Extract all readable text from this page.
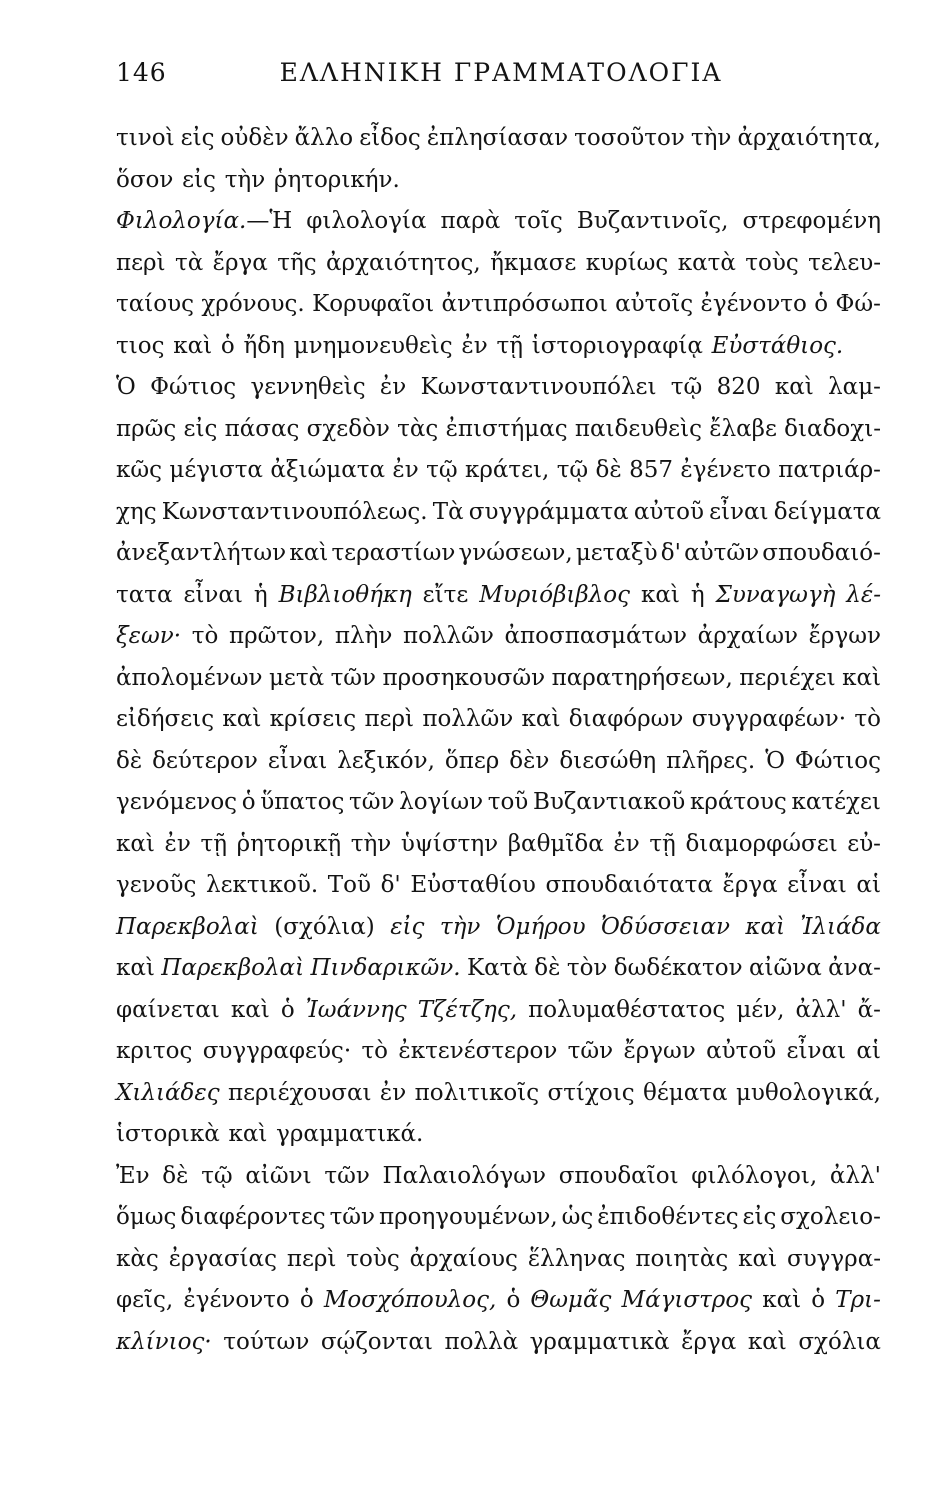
146	ΕΛΛΗΝΙΚΗ ΓΡΑΜΜΑΤΟΛΟΓΙΑ
τινοὶ εἰς οὐδὲν ἄλλο εἶδος ἐπλησίασαν τοσοῦτον τὴν ἀρχαιότητα,
ὅσον εἰς τὴν ῥητορικήν.
Φιλολογία.—Ἡ φιλολογία παρὰ τοῖς Βυζαντινοῖς, στρεφομένη
περὶ τὰ ἔργα τῆς ἀρχαιότητος, ἤκμασε κυρίως κατὰ τοὺς τελευ-
ταίους χρόνους. Κορυφαῖοι ἀντιπρόσωποι αὐτοῖς ἐγένοντο ὁ Φώ-
τιος καὶ ὁ ἤδη μνημονευθεὶς ἐν τῇ ἱστοριογραφίᾳ Εὐστάθιος.
Ὁ Φώτιος γεννηθεὶς ἐν Κωνσταντινουπόλει τῷ 820 καὶ λαμ-
πρῶς εἰς πάσας σχεδὸν τὰς ἐπιστήμας παιδευθεὶς ἔλαβε διαδοχι-
κῶς μέγιστα ἀξιώματα ἐν τῷ κράτει, τῷ δὲ 857 ἐγένετο πατριάρ-
χης Κωνσταντινουπόλεως. Τὰ συγγράμματα αὐτοῦ εἶναι δείγματα
ἀνεξαντλήτων καὶ τεραστίων γνώσεων, μεταξὺ δ' αὐτῶν σπουδαιό-
τατα εἶναι ἡ Βιβλιοθήκη εἴτε Μυριόβιβλος καὶ ἡ Συναγωγὴ λέ-
ξεων· τὸ πρῶτον, πλὴν πολλῶν ἀποσπασμάτων ἀρχαίων ἔργων
ἀπολομένων μετὰ τῶν προσηκουσῶν παρατηρήσεων, περιέχει καὶ
εἰδήσεις καὶ κρίσεις περὶ πολλῶν καὶ διαφόρων συγγραφέων· τὸ
δὲ δεύτερον εἶναι λεξικόν, ὅπερ δὲν διεσώθη πλῆρες. Ὁ Φώτιος
γενόμενος ὁ ὕπατος τῶν λογίων τοῦ Βυζαντιακοῦ κράτους κατέχει
καὶ ἐν τῇ ῥητορικῇ τὴν ὑψίστην βαθμῖδα ἐν τῇ διαμορφώσει εὐ-
γενοῦς λεκτικοῦ. Τοῦ δ' Εὐσταθίου σπουδαιότατα ἔργα εἶναι αἱ
Παρεκβολαὶ (σχόλια) εἰς τὴν Ὁμήρου Ὀδύσσειαν καὶ Ἰλιάδα
καὶ Παρεκβολαὶ Πινδαρικῶν. Κατὰ δὲ τὸν δωδέκατον αἰῶνα ἀνα-
φαίνεται καὶ ὁ Ἰωάννης Τζέτζης, πολυμαθέστατος μέν, ἀλλ' ἄ-
κριτος συγγραφεύς· τὸ ἐκτενέστερον τῶν ἔργων αὐτοῦ εἶναι αἱ
Χιλιάδες περιέχουσαι ἐν πολιτικοῖς στίχοις θέματα μυθολογικά,
ἱστορικὰ καὶ γραμματικά.
Ἐν δὲ τῷ αἰῶνι τῶν Παλαιολόγων σπουδαῖοι φιλόλογοι, ἀλλ'
ὅμως διαφέροντες τῶν προηγουμένων, ὡς ἐπιδοθέντες εἰς σχολειο-
κὰς ἐργασίας περὶ τοὺς ἀρχαίους ἕλληνας ποιητὰς καὶ συγγρα-
φεῖς, ἐγένοντο ὁ Μοσχόπουλος, ὁ Θωμᾶς Μάγιστρος καὶ ὁ Τρι-
κλίνιος· τούτων σῴζονται πολλὰ γραμματικὰ ἔργα καὶ σχόλια
